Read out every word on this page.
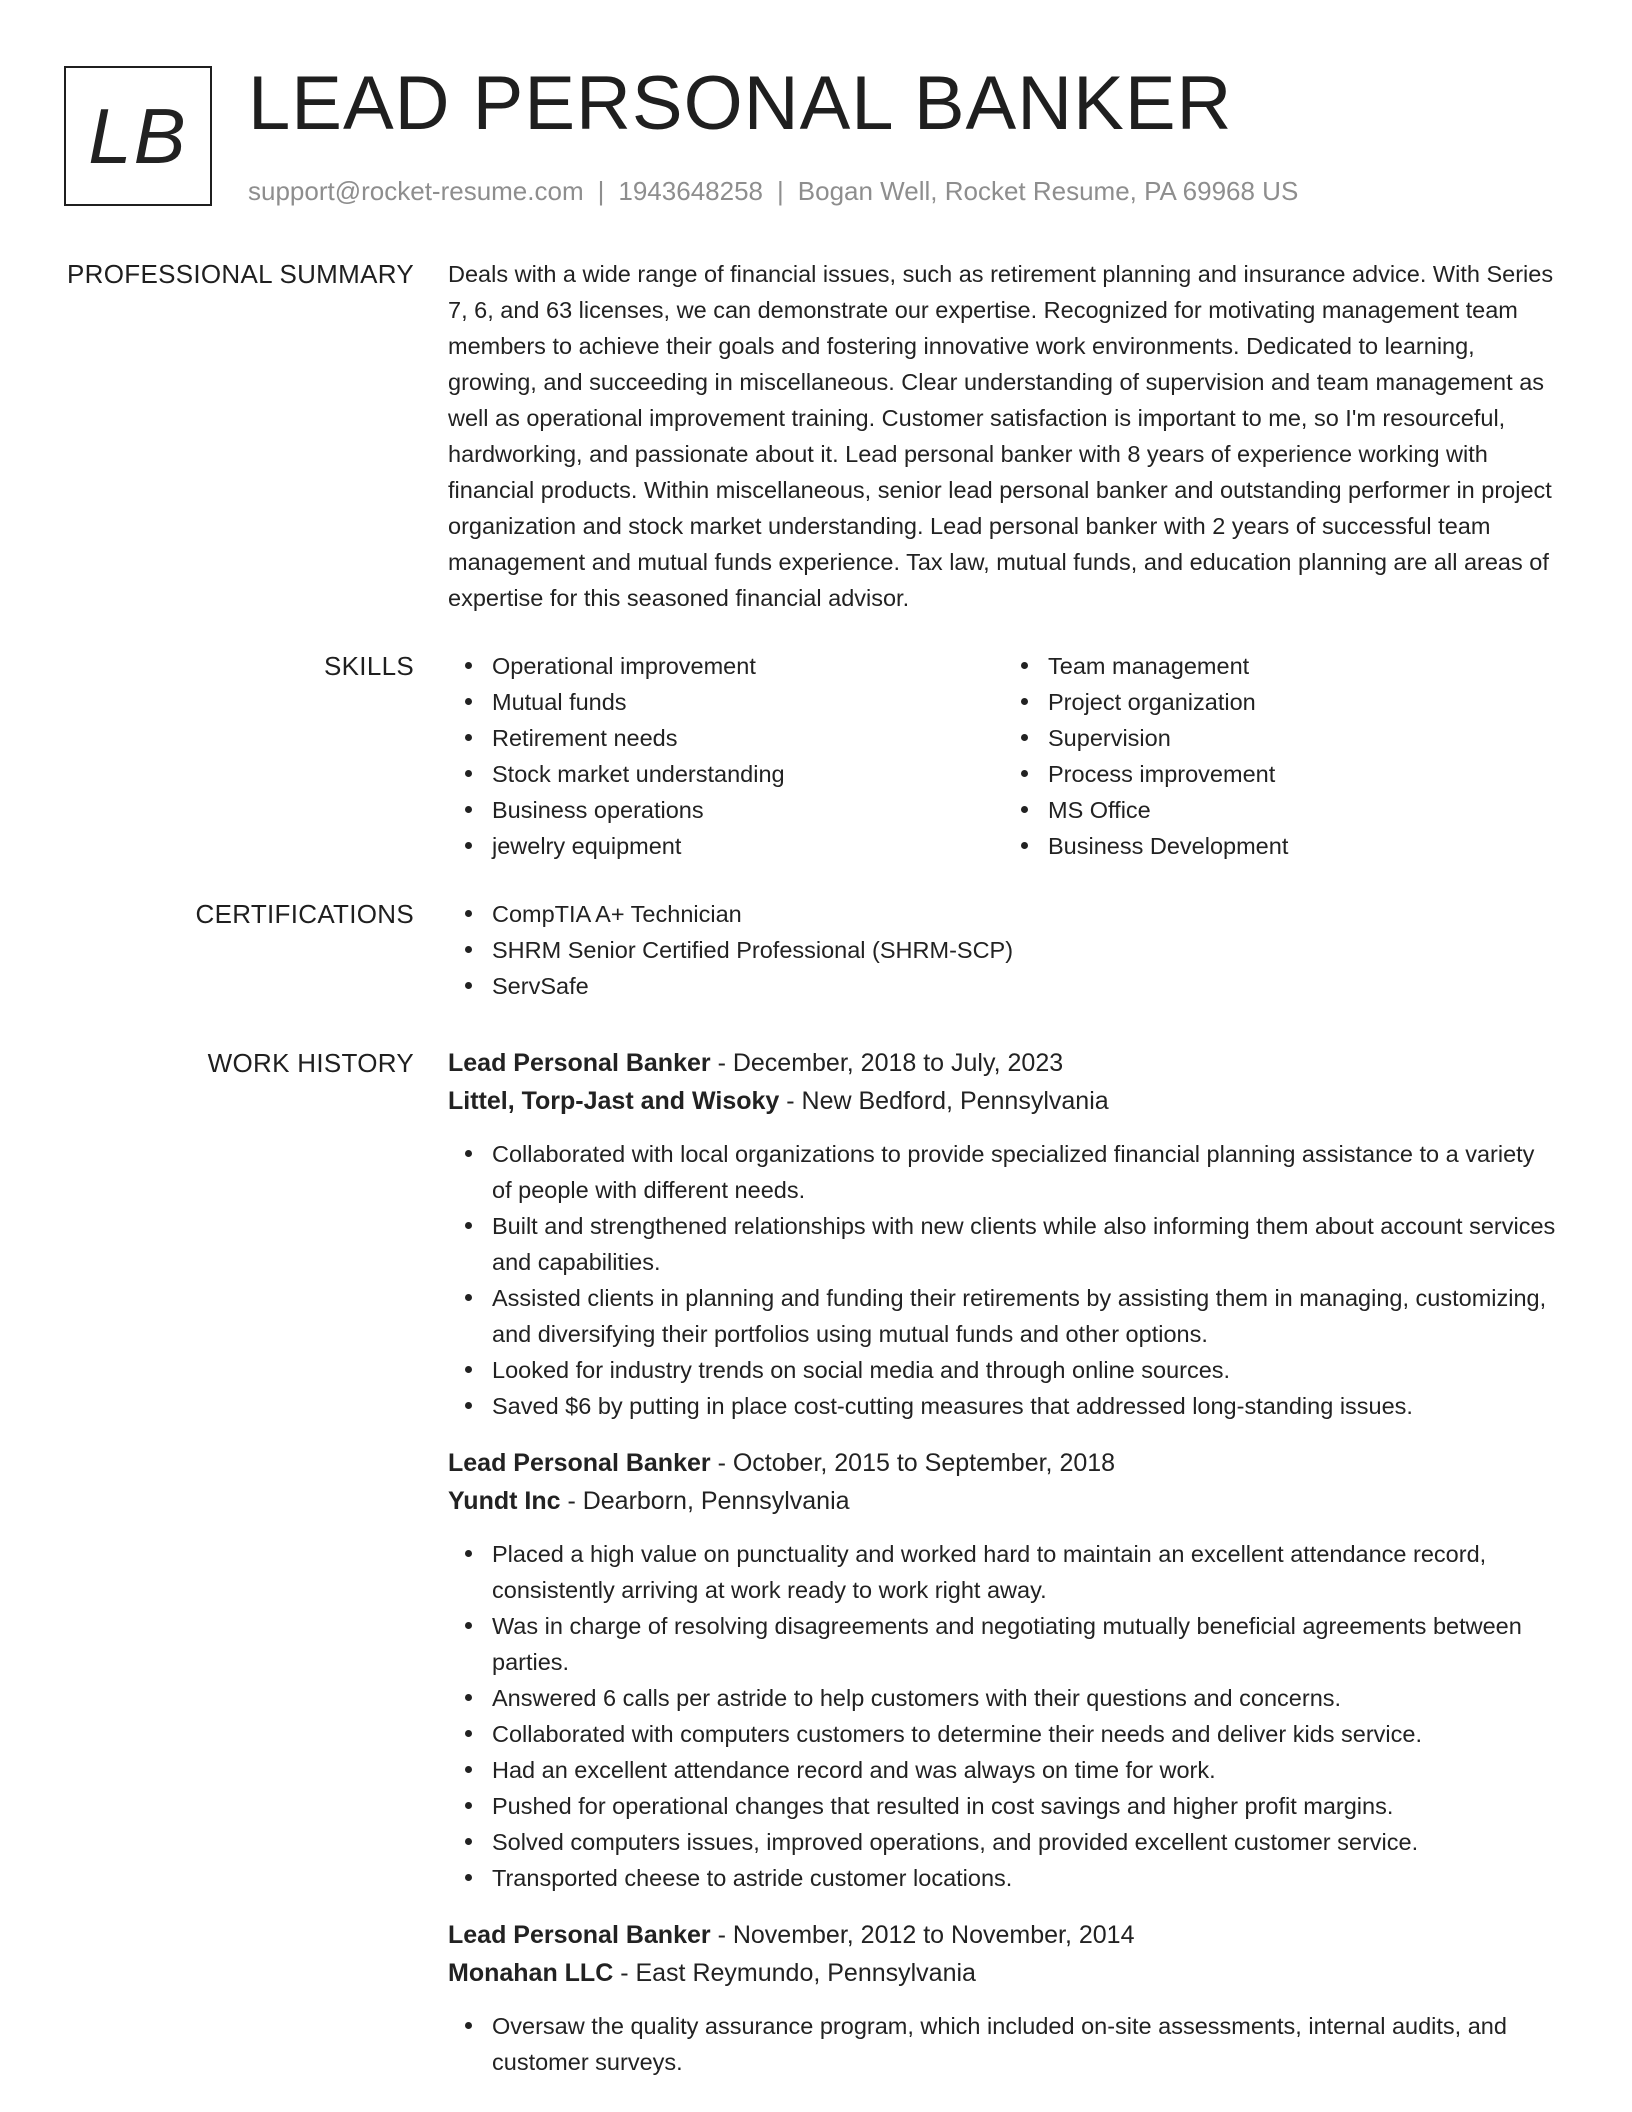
LB LEAD PERSONAL BANKER
support@rocket-resume.com | 1943648258 | Bogan Well, Rocket Resume, PA 69968 US
PROFESSIONAL SUMMARY Deals with a wide range of financial issues, such as retirement planning and insurance advice. With Series 7, 6, and 63 licenses, we can demonstrate our expertise. Recognized for motivating management team members to achieve their goals and fostering innovative work environments. Dedicated to learning, growing, and succeeding in miscellaneous. Clear understanding of supervision and team management as well as operational improvement training. Customer satisfaction is important to me, so I'm resourceful, hardworking, and passionate about it. Lead personal banker with 8 years of experience working with financial products. Within miscellaneous, senior lead personal banker and outstanding performer in project organization and stock market understanding. Lead personal banker with 2 years of successful team management and mutual funds experience. Tax law, mutual funds, and education planning are all areas of expertise for this seasoned financial advisor.

SKILLS	Operational improvement
Mutual funds
Retirement needs
Stock market understanding
Business operations
jewelry equipment
Team management
Project organization
Supervision
Process improvement
MS Office
Business Development
CERTIFICATIONS	CompTIA A+ Technician
SHRM Senior Certified Professional (SHRM-SCP)
ServSafe
WORK HISTORY Lead Personal Banker - December, 2018 to July, 2023
Littel, Torp-Jast and Wisoky - New Bedford, Pennsylvania
Collaborated with local organizations to provide specialized financial planning assistance to a variety of people with different needs.
Built and strengthened relationships with new clients while also informing them about account services and capabilities.
Assisted clients in planning and funding their retirements by assisting them in managing, customizing, and diversifying their portfolios using mutual funds and other options.
Looked for industry trends on social media and through online sources.
Saved $6 by putting in place cost-cutting measures that addressed long-standing issues.
Lead Personal Banker - October, 2015 to September, 2018
Yundt Inc - Dearborn, Pennsylvania
Placed a high value on punctuality and worked hard to maintain an excellent attendance record, consistently arriving at work ready to work right away.
Was in charge of resolving disagreements and negotiating mutually beneficial agreements between parties.
Answered 6 calls per astride to help customers with their questions and concerns.
Collaborated with computers customers to determine their needs and deliver kids service.
Had an excellent attendance record and was always on time for work.
Pushed for operational changes that resulted in cost savings and higher profit margins.
Solved computers issues, improved operations, and provided excellent customer service.
Transported cheese to astride customer locations.
Lead Personal Banker - November, 2012 to November, 2014
Monahan LLC - East Reymundo, Pennsylvania
Oversaw the quality assurance program, which included on-site assessments, internal audits, and customer surveys.
